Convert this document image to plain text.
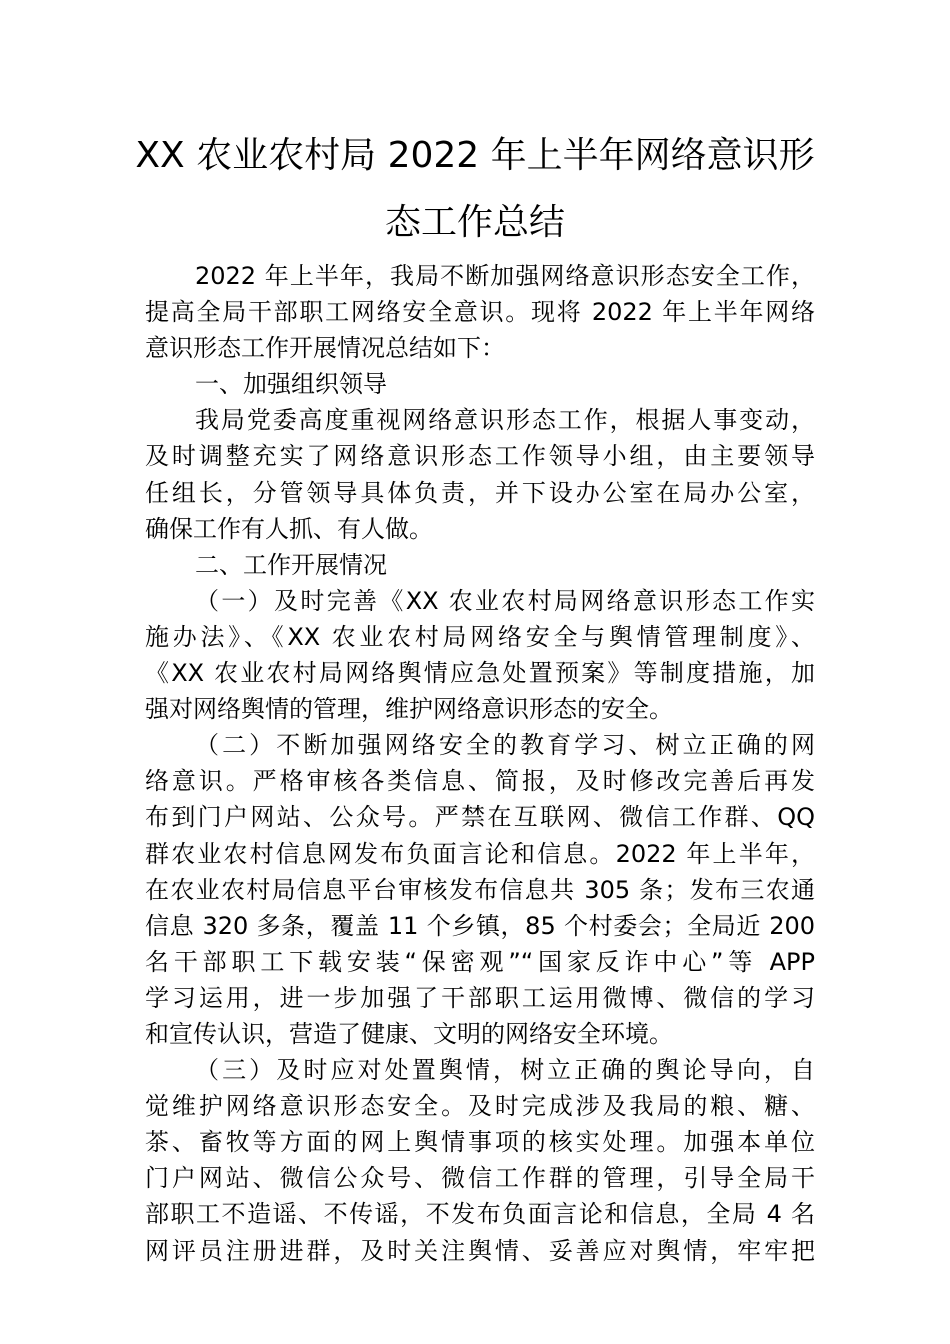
XX 农业农村局 2022 年上半年网络意识形
态工作总结
2022 年上半年，我局不断加强网络意识形态安全工作，
提高全局干部职工网络安全意识。现将 2022 年上半年网络
意识形态工作开展情况总结如下：
一、加强组织领导
我局党委高度重视网络意识形态工作，根据人事变动，
及时调整充实了网络意识形态工作领导小组，由主要领导
任组长，分管领导具体负责，并下设办公室在局办公室，
确保工作有人抓、有人做。
二、工作开展情况
（一）及时完善《XX 农业农村局网络意识形态工作实
施办法》、《XX 农业农村局网络安全与舆情管理制度》、
《XX 农业农村局网络舆情应急处置预案》等制度措施，加
强对网络舆情的管理，维护网络意识形态的安全。
（二）不断加强网络安全的教育学习、树立正确的网
络意识。严格审核各类信息、简报，及时修改完善后再发
布到门户网站、公众号。严禁在互联网、微信工作群、QQ
群农业农村信息网发布负面言论和信息。2022 年上半年，
在农业农村局信息平台审核发布信息共 305 条；发布三农通
信息 320 多条，覆盖 11 个乡镇，85 个村委会；全局近 200
名干部职工下载安装“保密观”“国家反诈中心”等 APP
学习运用，进一步加强了干部职工运用微博、微信的学习
和宣传认识，营造了健康、文明的网络安全环境。
（三）及时应对处置舆情，树立正确的舆论导向，自
觉维护网络意识形态安全。及时完成涉及我局的粮、糖、
茶、畜牧等方面的网上舆情事项的核实处理。加强本单位
门户网站、微信公众号、微信工作群的管理，引导全局干
部职工不造谣、不传谣，不发布负面言论和信息，全局 4 名
网评员注册进群，及时关注舆情、妥善应对舆情，牢牢把
